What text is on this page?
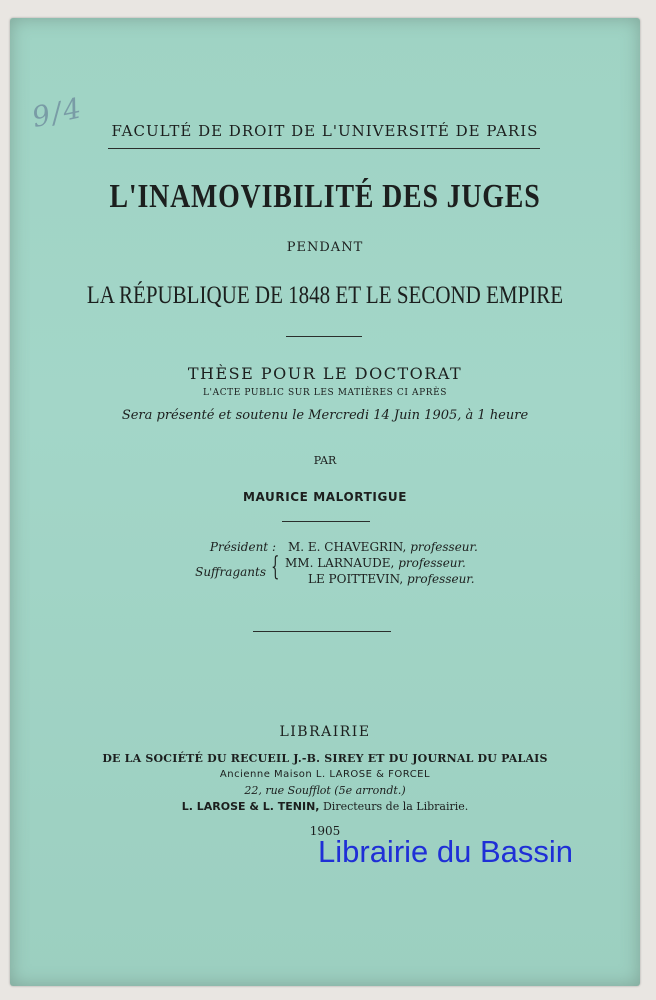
9/4	FACULTÉ DE DROIT DE L'UNIVERSITÉ DE PARIS
L'INAMOVIBILITÉ DES JUGES
PENDANT
LA RÉPUBLIQUE DE 1848 ET LE SECOND EMPIRE
THÈSE POUR LE DOCTORAT
L'ACTE PUBLIC SUR LES MATIÈRES CI APRÈS
Sera présenté et soutenu le Mercredi 14 Juin 1905, à 1 heure
PAR
MAURICE MALORTIGUE
Président : M. E. CHAVEGRIN, professeur.
Suffragants { MM. LARNAUDE, professeur.
LE POITTEVIN, professeur.
LIBRAIRIE
DE LA SOCIÉTÉ DU RECUEIL J.-B. SIREY ET DU JOURNAL DU PALAIS
Ancienne Maison L. LAROSE & FORCEL
22, rue Soufflot (5e arrondt.)
L. LAROSE & L. TENIN, Directeurs de la Librairie.
1905
Librairie du Bassin
